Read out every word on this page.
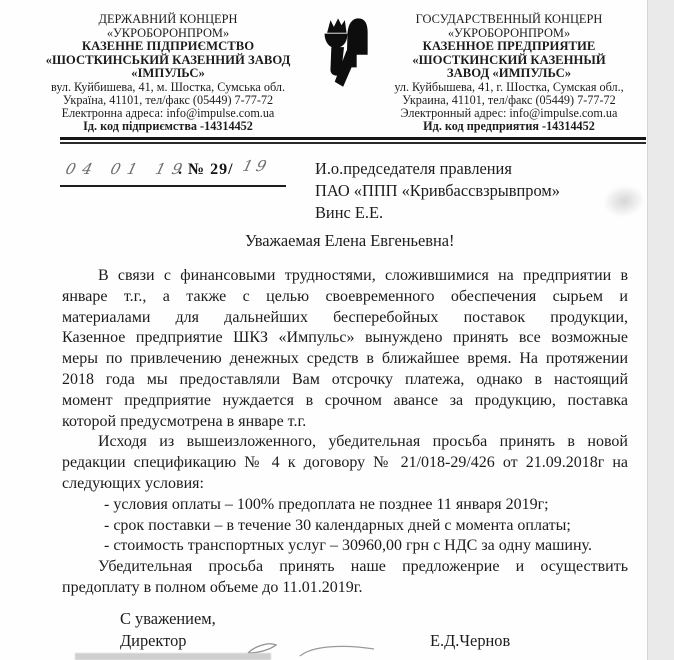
ДЕРЖАВНИЙ КОНЦЕРН
«УКРОБОРОНПРОМ»
КАЗЕННЕ ПІДПРИЄМСТВО
«ШОСТКИНСЬКИЙ КАЗЕННИЙ ЗАВОД
«ІМПУЛЬС»
вул. Куйбишева, 41, м. Шостка, Сумська обл.
Україна, 41101, тел/факс (05449) 7-77-72
Електронна адреса: info@impulse.com.ua
Ід. код підприємства -14314452
ГОСУДАРСТВЕННЫЙ КОНЦЕРН
«УКРОБОРОНПРОМ»
КАЗЕННОЕ ПРЕДПРИЯТИЕ
«ШОСТКИНСКИЙ КАЗЕННЫЙ
ЗАВОД «ИМПУЛЬС»
ул. Куйбышева, 41, г. Шостка, Сумская обл.,
Украина, 41101, тел/факс (05449) 7-77-72
Электронный адрес: info@impulse.com.ua
Ид. код предприятия -14314452
04 01 19
. № 29/ 19	И.о.председателя правления
ПАО «ППП «Кривбассвзрывпром»
Винс Е.Е.
Уважаемая Елена Евгеньевна!
В связи с финансовыми трудностями, сложившимися на предприятии в
январе т.г., а также с целью своевременного обеспечения сырьем и
материалами для дальнейших бесперебойных поставок продукции,
Казенное предприятие ШКЗ «Импульс» вынуждено принять все возможные
меры по привлечению денежных средств в ближайшее время. На протяжении
2018 года мы предоставляли Вам отсрочку платежа, однако в настоящий
момент предприятие нуждается в срочном авансе за продукцию, поставка
которой предусмотрена в январе т.г.
Исходя из вышеизложенного, убедительная просьба принять в новой
редакции спецификацию № 4 к договору № 21/018-29/426 от 21.09.2018г на
следующих условия:
- условия оплаты – 100% предоплата не позднее 11 января 2019г;
- срок поставки – в течение 30 календарных дней с момента оплаты;
- стоимость транспортных услуг – 30960,00 грн с НДС за одну машину.
Убедительная просьба принять наше предложенрие и осуществить
предоплату в полном объеме до 11.01.2019г.
С уважением,
Директор	Е.Д.Чернов
